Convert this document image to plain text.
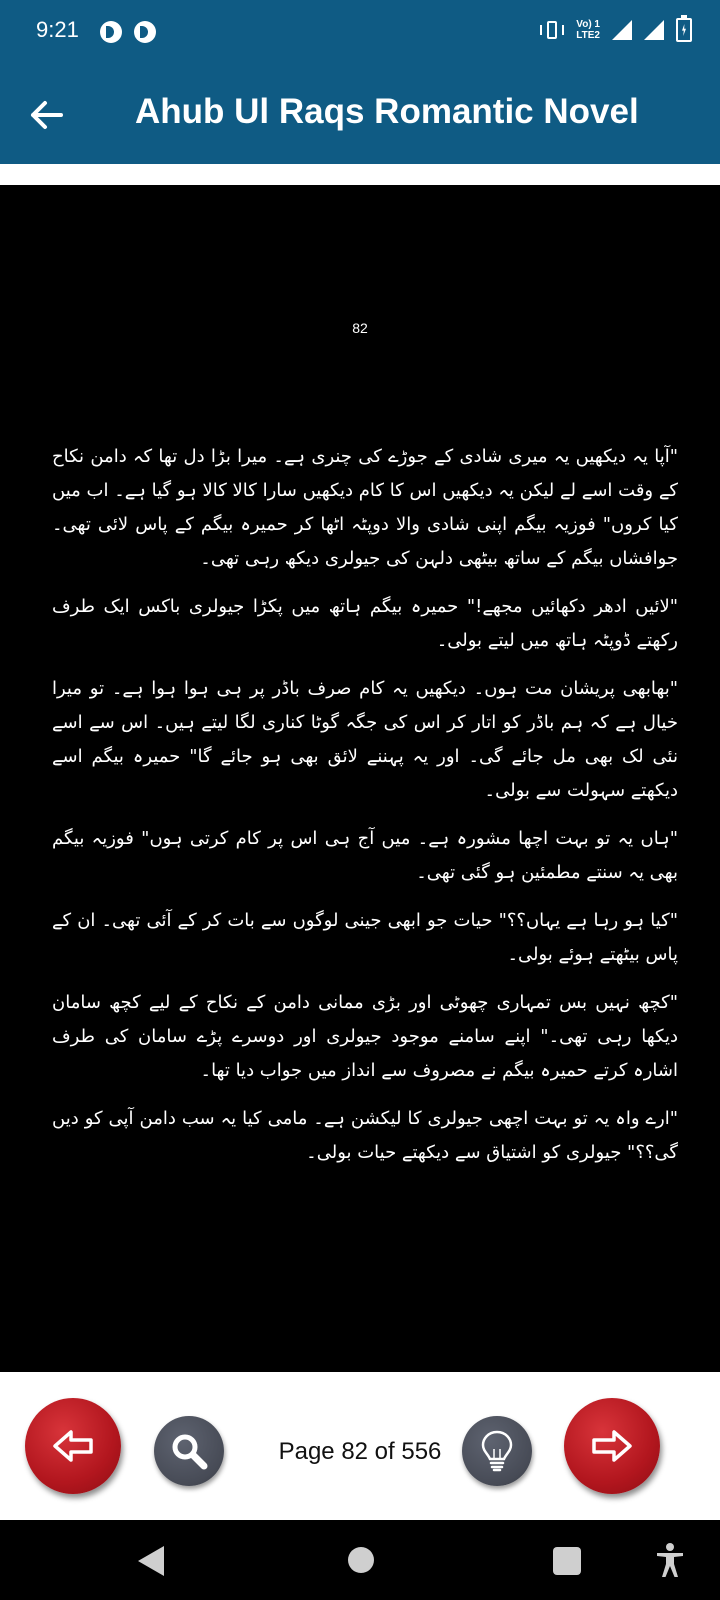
9:21	Vo) 1
LTE2
Ahub Ul Raqs Romantic Novel
82

"آپا یہ دیکھیں یہ میری شادی کے جوڑے کی چنری ہے۔ میرا بڑا دل تھا کہ دامن نکاح کے وقت اسے لے لیکن یہ دیکھیں اس کا کام دیکھیں سارا کالا کالا ہو گیا ہے۔ اب میں کیا کروں" فوزیہ بیگم اپنی شادی والا دوپٹہ اٹھا کر حمیرہ بیگم کے پاس لائی تھی۔ جوافشاں بیگم کے ساتھ بیٹھی دلہن کی جیولری دیکھ رہی تھی۔

"لائیں ادھر دکھائیں مجھے!" حمیرہ بیگم ہاتھ میں پکڑا جیولری باکس ایک طرف رکھتے ڈوپٹہ ہاتھ میں لیتے بولی۔

"بھابھی پریشان مت ہوں۔ دیکھیں یہ کام صرف باڈر پر ہی ہوا ہوا ہے۔ تو میرا خیال ہے کہ ہم باڈر کو اتار کر اس کی جگہ گوٹا کناری لگا لیتے ہیں۔ اس سے اسے نئی لک بھی مل جائے گی۔ اور یہ پہننے لائق بھی ہو جائے گا" حمیرہ بیگم اسے دیکھتے سہولت سے بولی۔

"ہاں یہ تو بہت اچھا مشورہ ہے۔ میں آج ہی اس پر کام کرتی ہوں" فوزیہ بیگم بھی یہ سنتے مطمئین ہو گئی تھی۔

"کیا ہو رہا ہے یہاں؟؟" حیات جو ابھی جینی لوگوں سے بات کر کے آئی تھی۔ ان کے پاس بیٹھتے ہوئے بولی۔

"کچھ نہیں بس تمہاری چھوٹی اور بڑی ممانی دامن کے نکاح کے لیے کچھ سامان دیکھا رہی تھی۔" اپنے سامنے موجود جیولری اور دوسرے پڑے سامان کی طرف اشارہ کرتے حمیرہ بیگم نے مصروف سے انداز میں جواب دیا تھا۔

"ارے واہ یہ تو بہت اچھی جیولری کا لیکشن ہے۔ مامی کیا یہ سب دامن آپی کو دیں گی؟؟" جیولری کو اشتیاق سے دیکھتے حیات بولی۔

Page 82 of 556
